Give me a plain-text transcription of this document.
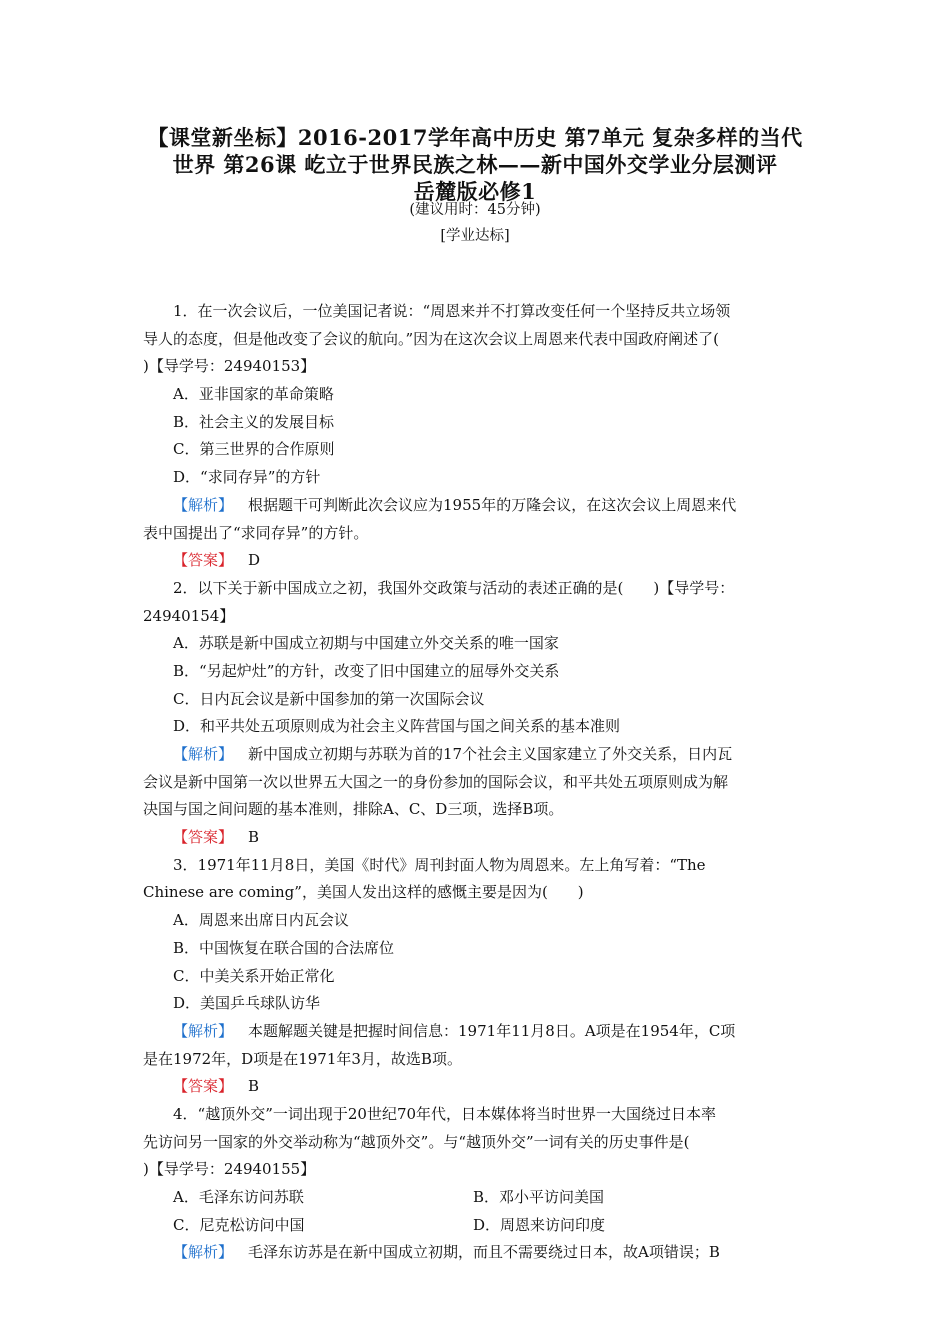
【课堂新坐标】2016-2017学年高中历史 第7单元 复杂多样的当代
世界 第26课 屹立于世界民族之林——新中国外交学业分层测评
岳麓版必修1
(建议用时：45分钟)
[学业达标]
1．在一次会议后，一位美国记者说：“周恩来并不打算改变任何一个坚持反共立场领
导人的态度，但是他改变了会议的航向。”因为在这次会议上周恩来代表中国政府阐述了(
)【导学号：24940153】
A．亚非国家的革命策略
B．社会主义的发展目标
C．第三世界的合作原则
D．“求同存异”的方针
【解析】  根据题干可判断此次会议应为1955年的万隆会议，在这次会议上周恩来代
表中国提出了“求同存异”的方针。
【答案】  D
2．以下关于新中国成立之初，我国外交政策与活动的表述正确的是(　　)【导学号：
24940154】
A．苏联是新中国成立初期与中国建立外交关系的唯一国家
B．“另起炉灶”的方针，改变了旧中国建立的屈辱外交关系
C．日内瓦会议是新中国参加的第一次国际会议
D．和平共处五项原则成为社会主义阵营国与国之间关系的基本准则
【解析】  新中国成立初期与苏联为首的17个社会主义国家建立了外交关系，日内瓦
会议是新中国第一次以世界五大国之一的身份参加的国际会议，和平共处五项原则成为解
决国与国之间问题的基本准则，排除A、C、D三项，选择B项。
【答案】  B
3．1971年11月8日，美国《时代》周刊封面人物为周恩来。左上角写着：“The
Chinese are coming”，美国人发出这样的感慨主要是因为(　　)
A．周恩来出席日内瓦会议
B．中国恢复在联合国的合法席位
C．中美关系开始正常化
D．美国乒乓球队访华
【解析】  本题解题关键是把握时间信息：1971年11月8日。A项是在1954年，C项
是在1972年，D项是在1971年3月，故选B项。
【答案】  B
4．“越顶外交”一词出现于20世纪70年代，日本媒体将当时世界一大国绕过日本率
先访问另一国家的外交举动称为“越顶外交”。与“越顶外交”一词有关的历史事件是(
)【导学号：24940155】
A．毛泽东访问苏联	B．邓小平访问美国
C．尼克松访问中国	D．周恩来访问印度
【解析】  毛泽东访苏是在新中国成立初期，而且不需要绕过日本，故A项错误；B
